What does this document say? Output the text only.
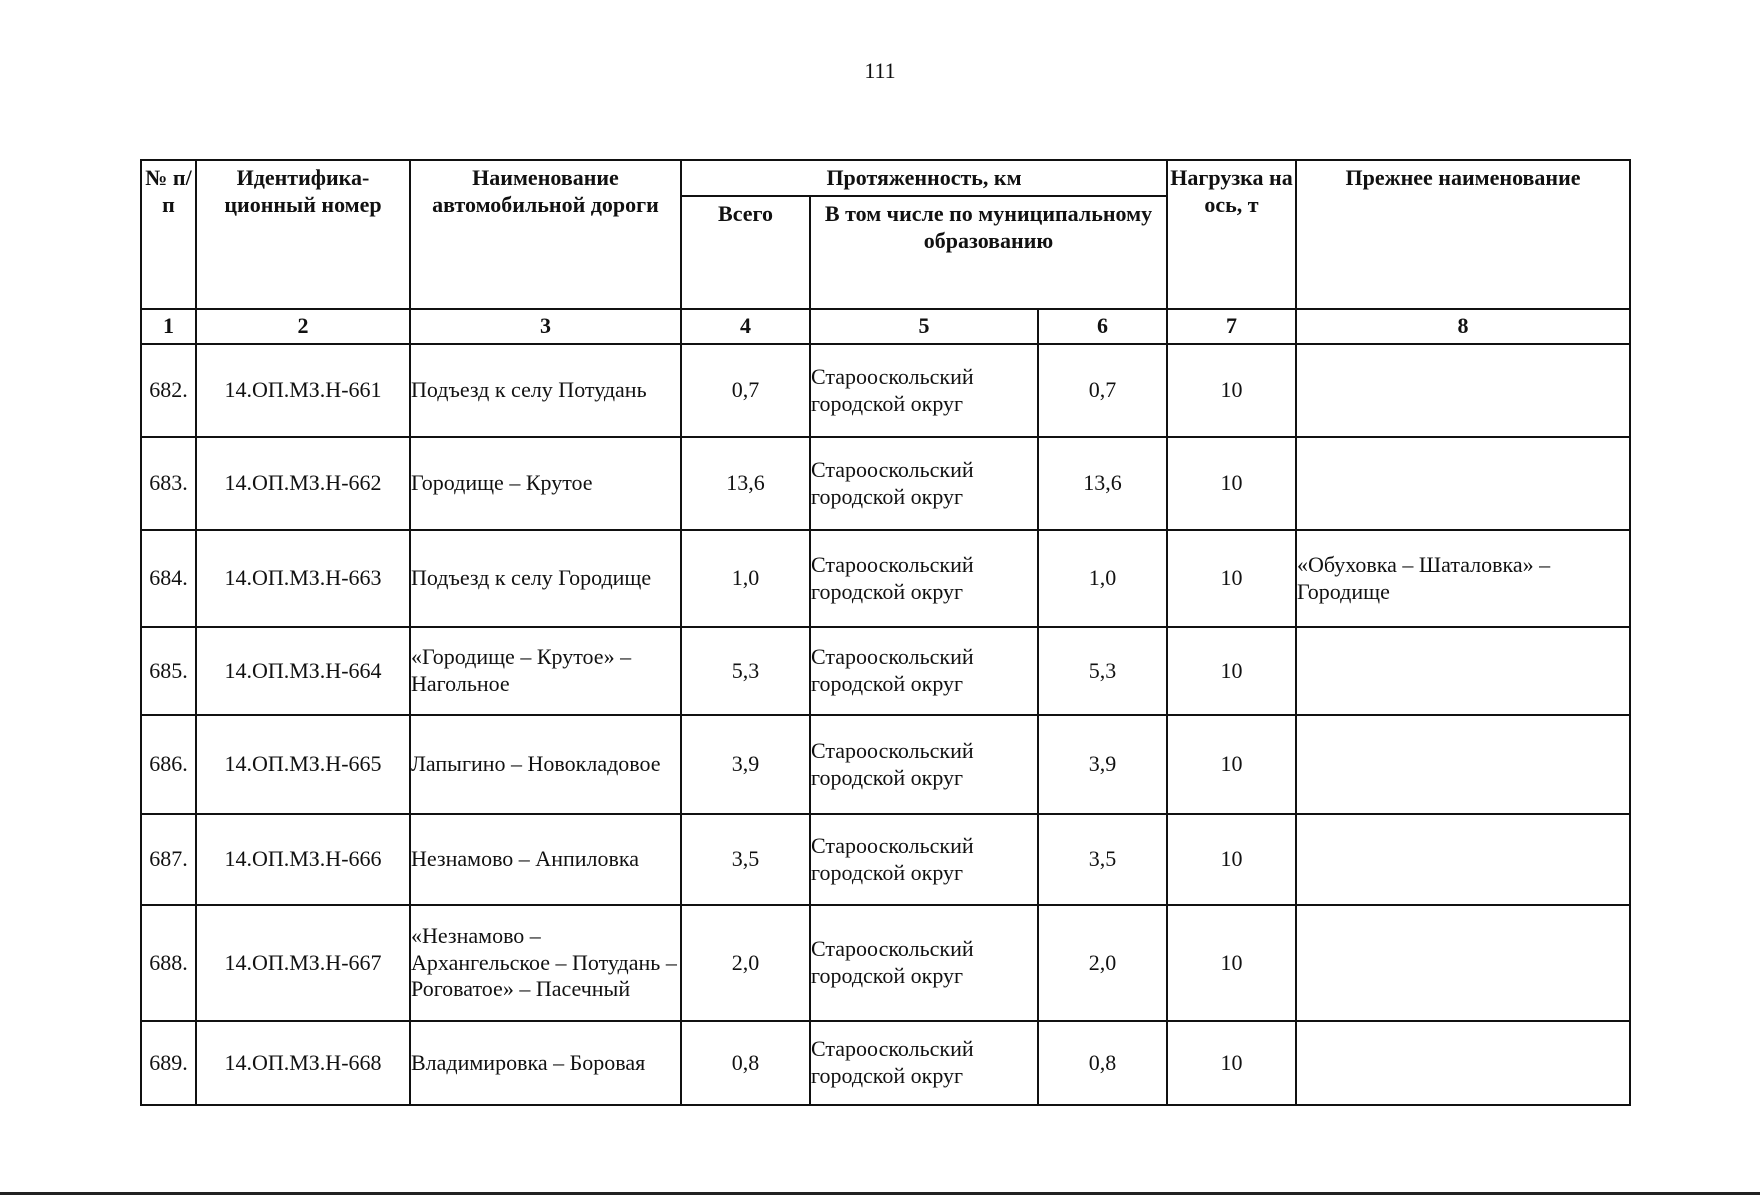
111
№ п/п	Идентифика-ционный номер	Наименование автомобильной дороги	Протяженность, км			Нагрузка на ось, т	Прежнее наименование
			Всего	В том числе по муниципальному образованию			
1	2	3	4	5	6	7	8
682.	14.ОП.МЗ.Н-661	Подъезд к селу Потудань	0,7	Старооскольский городской округ	0,7	10	
683.	14.ОП.МЗ.Н-662	Городище – Крутое	13,6	Старооскольский городской округ	13,6	10	
684.	14.ОП.МЗ.Н-663	Подъезд к селу Городище	1,0	Старооскольский городской округ	1,0	10	«Обуховка – Шаталовка» – Городище
685.	14.ОП.МЗ.Н-664	«Городище – Крутое» – Нагольное	5,3	Старооскольский городской округ	5,3	10	
686.	14.ОП.МЗ.Н-665	Лапыгино – Новокладовое	3,9	Старооскольский городской округ	3,9	10	
687.	14.ОП.МЗ.Н-666	Незнамово – Анпиловка	3,5	Старооскольский городской округ	3,5	10	
688.	14.ОП.МЗ.Н-667	«Незнамово – Архангельское – Потудань – Роговатое» – Пасечный	2,0	Старооскольский городской округ	2,0	10	
689.	14.ОП.МЗ.Н-668	Владимировка – Боровая	0,8	Старооскольский городской округ	0,8	10	
